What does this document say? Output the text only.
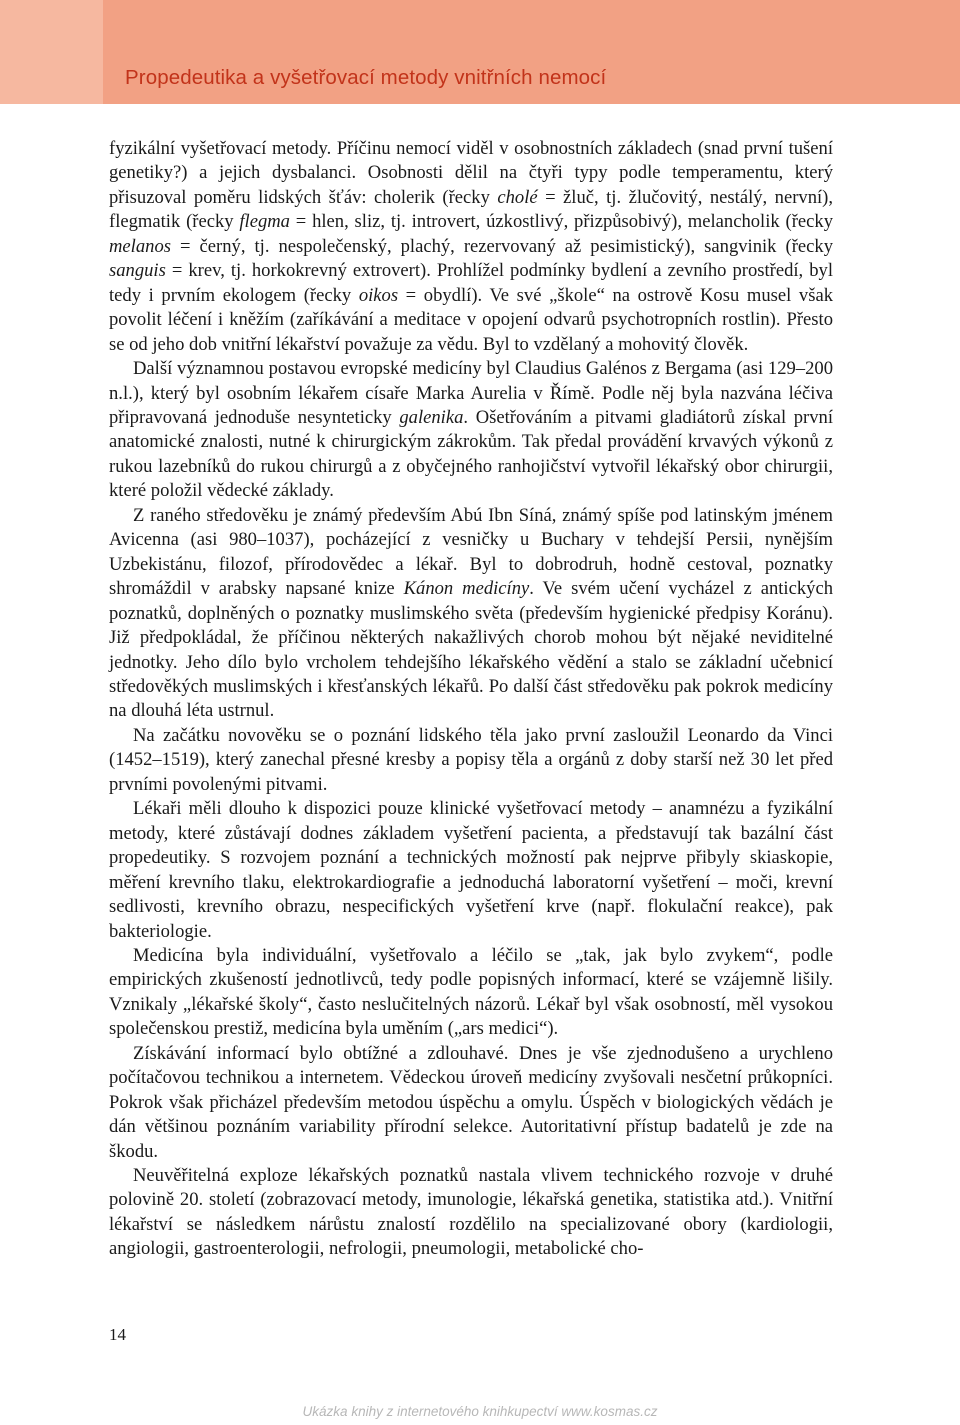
Propedeutika a vyšetřovací metody vnitřních nemocí

fyzikální vyšetřovací metody. Příčinu nemocí viděl v osobnostních základech (snad první tušení genetiky?) a jejich dysbalanci. Osobnosti dělil na čtyři typy podle temperamentu, který přisuzoval poměru lidských šťáv: cholerik (řecky cholé = žluč, tj. žlučovitý, nestálý, nervní), flegmatik (řecky flegma = hlen, sliz, tj. introvert, úzkostlivý, přizpůsobivý), melancholik (řecky melanos = černý, tj. nespolečenský, plachý, rezervovaný až pesimistický), sangvinik (řecky sanguis = krev, tj. horkokrevný extrovert). Prohlížel podmínky bydlení a zevního prostředí, byl tedy i prvním ekologem (řecky oikos = obydlí). Ve své „škole“ na ostrově Kosu musel však povolit léčení i kněžím (zaříkávání a meditace v opojení odvarů psychotropních rostlin). Přesto se od jeho dob vnitřní lékařství považuje za vědu. Byl to vzdělaný a mohovitý člověk.

Další významnou postavou evropské medicíny byl Claudius Galénos z Bergama (asi 129–200 n.l.), který byl osobním lékařem císaře Marka Aurelia v Římě. Podle něj byla nazvána léčiva připravovaná jednoduše nesynteticky galenika. Ošetřováním a pitvami gladiátorů získal první anatomické znalosti, nutné k chirurgickým zákrokům. Tak předal provádění krvavých výkonů z rukou lazebníků do rukou chirurgů a z obyčejného ranhojičství vytvořil lékařský obor chirurgii, které položil vědecké základy.

Z raného středověku je známý především Abú Ibn Síná, známý spíše pod latinským jménem Avicenna (asi 980–1037), pocházející z vesničky u Buchary v tehdejší Persii, nynějším Uzbekistánu, filozof, přírodovědec a lékař. Byl to dobrodruh, hodně cestoval, poznatky shromáždil v arabsky napsané knize Kánon medicíny. Ve svém učení vycházel z antických poznatků, doplněných o poznatky muslimského světa (především hygienické předpisy Koránu). Již předpokládal, že příčinou některých nakažlivých chorob mohou být nějaké neviditelné jednotky. Jeho dílo bylo vrcholem tehdejšího lékařského vědění a stalo se základní učebnicí středověkých muslimských i křesťanských lékařů. Po další část středověku pak pokrok medicíny na dlouhá léta ustrnul.

Na začátku novověku se o poznání lidského těla jako první zasloužil Leonardo da Vinci (1452–1519), který zanechal přesné kresby a popisy těla a orgánů z doby starší než 30 let před prvními povolenými pitvami.

Lékaři měli dlouho k dispozici pouze klinické vyšetřovací metody – anamnézu a fyzikální metody, které zůstávají dodnes základem vyšetření pacienta, a představují tak bazální část propedeutiky. S rozvojem poznání a technických možností pak nejprve přibyly skiaskopie, měření krevního tlaku, elektrokardiografie a jednoduchá laboratorní vyšetření – moči, krevní sedlivosti, krevního obrazu, nespecifických vyšetření krve (např. flokulační reakce), pak bakteriologie.

Medicína byla individuální, vyšetřovalo a léčilo se „tak, jak bylo zvykem“, podle empirických zkušeností jednotlivců, tedy podle popisných informací, které se vzájemně lišily. Vznikaly „lékařské školy“, často neslučitelných názorů. Lékař byl však osobností, měl vysokou společenskou prestiž, medicína byla uměním („ars medici“).

Získávání informací bylo obtížné a zdlouhavé. Dnes je vše zjednodušeno a urychleno počítačovou technikou a internetem. Vědeckou úroveň medicíny zvyšovali nesčetní průkopníci. Pokrok však přicházel především metodou úspěchu a omylu. Úspěch v biologických vědách je dán většinou poznáním variability přírodní selekce. Autoritativní přístup badatelů je zde na škodu.

Neuvěřitelná exploze lékařských poznatků nastala vlivem technického rozvoje v druhé polovině 20. století (zobrazovací metody, imunologie, lékařská genetika, statistika atd.). Vnitřní lékařství se následkem nárůstu znalostí rozdělilo na specializované obory (kardiologii, angiologii, gastroenterologii, nefrologii, pneumologii, metabolické cho-

14
Ukázka knihy z internetového knihkupectví www.kosmas.cz
